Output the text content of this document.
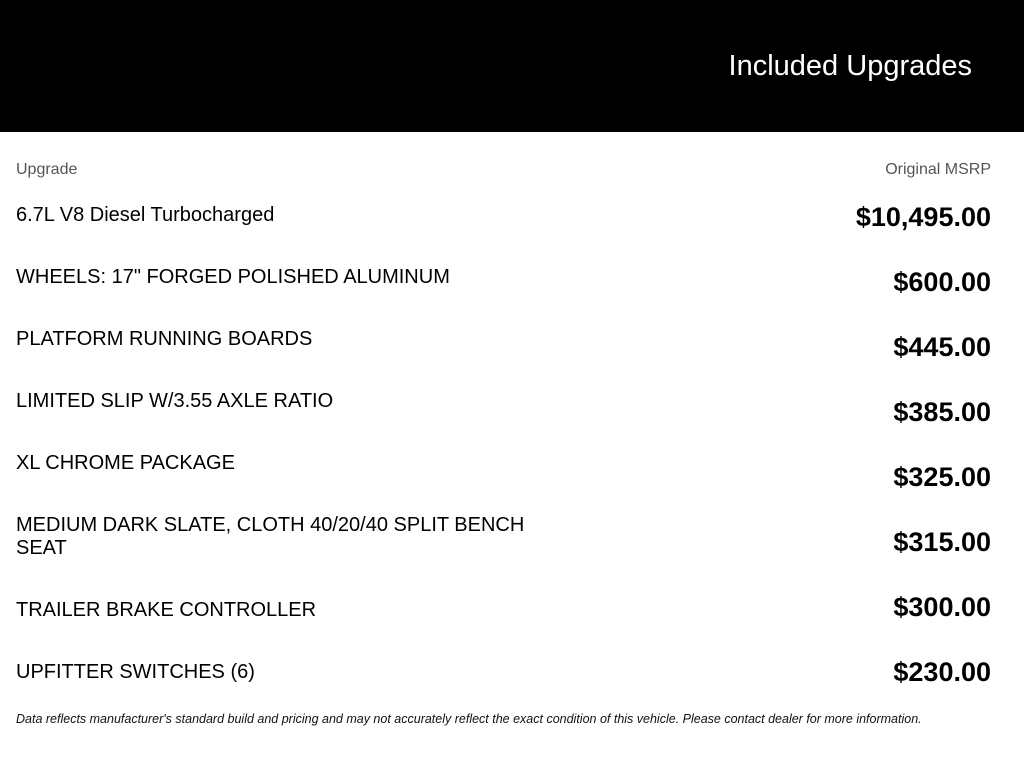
Included Upgrades
Upgrade	Original MSRP
6.7L V8 Diesel Turbocharged	$10,495.00
WHEELS: 17" FORGED POLISHED ALUMINUM	$600.00
PLATFORM RUNNING BOARDS	$445.00
LIMITED SLIP W/3.55 AXLE RATIO	$385.00
XL CHROME PACKAGE	$325.00
MEDIUM DARK SLATE, CLOTH 40/20/40 SPLIT BENCH SEAT	$315.00
TRAILER BRAKE CONTROLLER	$300.00
UPFITTER SWITCHES (6)	$230.00
Data reflects manufacturer's standard build and pricing and may not accurately reflect the exact condition of this vehicle. Please contact dealer for more information.
